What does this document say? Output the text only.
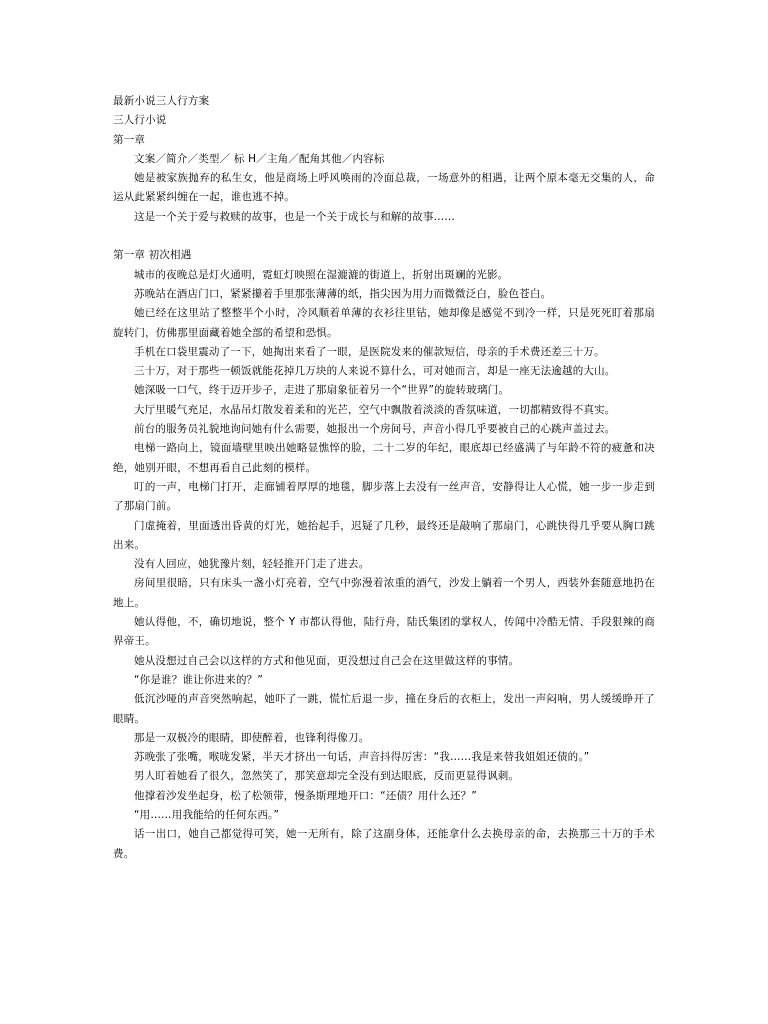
最新小说三人行方案
三人行小说
第一章
文案／简介／类型／ 标 H／主角／配角其他／内容标
她是被家族抛弃的私生女，他是商场上呼风唤雨的冷面总裁，一场意外的相遇，让两个原本毫无交集的人，命运从此紧紧纠缠在一起，谁也逃不掉。
这是一个关于爱与救赎的故事，也是一个关于成长与和解的故事……
第一章 初次相遇
城市的夜晚总是灯火通明，霓虹灯映照在湿漉漉的街道上，折射出斑斓的光影。
苏晚站在酒店门口，紧紧攥着手里那张薄薄的纸，指尖因为用力而微微泛白，脸色苍白。
她已经在这里站了整整半个小时，冷风顺着单薄的衣衫往里钻，她却像是感觉不到冷一样，只是死死盯着那扇旋转门，仿佛那里面藏着她全部的希望和恐惧。
手机在口袋里震动了一下，她掏出来看了一眼，是医院发来的催款短信，母亲的手术费还差三十万。
三十万，对于那些一顿饭就能花掉几万块的人来说不算什么，可对她而言，却是一座无法逾越的大山。
她深吸一口气，终于迈开步子，走进了那扇象征着另一个“世界”的旋转玻璃门。
大厅里暖气充足，水晶吊灯散发着柔和的光芒，空气中飘散着淡淡的香氛味道，一切都精致得不真实。
前台的服务员礼貌地询问她有什么需要，她报出一个房间号，声音小得几乎要被自己的心跳声盖过去。
电梯一路向上，镜面墙壁里映出她略显憔悴的脸，二十二岁的年纪，眼底却已经盛满了与年龄不符的疲惫和决绝，她别开眼，不想再看自己此刻的模样。
叮的一声，电梯门打开，走廊铺着厚厚的地毯，脚步落上去没有一丝声音，安静得让人心慌，她一步一步走到了那扇门前。
门虚掩着，里面透出昏黄的灯光，她抬起手，迟疑了几秒，最终还是敲响了那扇门，心跳快得几乎要从胸口跳出来。
没有人回应，她犹豫片刻，轻轻推开门走了进去。
房间里很暗，只有床头一盏小灯亮着，空气中弥漫着浓重的酒气，沙发上躺着一个男人，西装外套随意地扔在地上。
她认得他，不，确切地说，整个 Y 市都认得他，陆行舟，陆氏集团的掌权人，传闻中冷酷无情、手段狠辣的商界帝王。
她从没想过自己会以这样的方式和他见面，更没想过自己会在这里做这样的事情。
“你是谁？谁让你进来的？”
低沉沙哑的声音突然响起，她吓了一跳，慌忙后退一步，撞在身后的衣柜上，发出一声闷响，男人缓缓睁开了眼睛。
那是一双极冷的眼睛，即使醉着，也锋利得像刀。
苏晚张了张嘴，喉咙发紧，半天才挤出一句话，声音抖得厉害：“我……我是来替我姐姐还债的。”
男人盯着她看了很久，忽然笑了，那笑意却完全没有到达眼底，反而更显得讽刺。
他撑着沙发坐起身，松了松领带，慢条斯理地开口：“还债？用什么还？”
“用……用我能给的任何东西。”
话一出口，她自己都觉得可笑，她一无所有，除了这副身体，还能拿什么去换母亲的命，去换那三十万的手术费。
